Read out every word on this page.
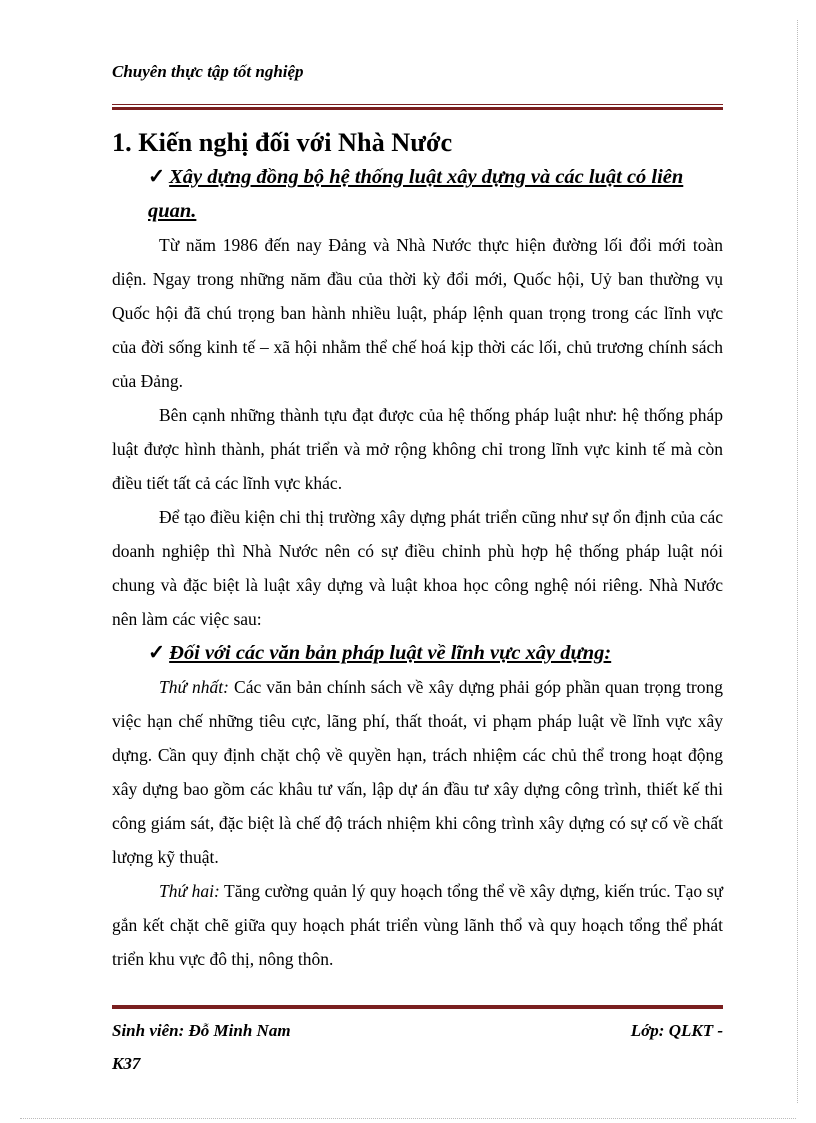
Chuyên thực tập tốt nghiệp
1. Kiến nghị đối với Nhà Nước
✓ Xây dựng đồng bộ hệ thống luật xây dựng và các luật có liên quan.

Từ năm 1986 đến nay Đảng và Nhà Nước thực hiện đường lối đổi mới toàn diện. Ngay trong những năm đầu của thời kỳ đổi mới, Quốc hội, Uỷ ban thường vụ Quốc hội đã chú trọng ban hành nhiều luật, pháp lệnh quan trọng trong các lĩnh vực của đời sống kinh tế – xã hội nhằm thể chế hoá kịp thời các lối, chủ trương chính sách của Đảng.

Bên cạnh những thành tựu đạt được của hệ thống pháp luật như: hệ thống pháp luật được hình thành, phát triển và mở rộng không chỉ trong lĩnh vực kinh tế mà còn điều tiết tất cả các lĩnh vực khác.

Để tạo điều kiện chi thị trường xây dựng phát triển cũng như sự ổn định của các doanh nghiệp thì Nhà Nước nên có sự điều chỉnh phù hợp hệ thống pháp luật nói chung và đặc biệt là luật xây dựng và luật khoa học công nghệ nói riêng. Nhà Nước nên làm các việc sau:

✓ Đối với các văn bản pháp luật về lĩnh vực xây dựng:

Thứ nhất: Các văn bản chính sách về xây dựng phải góp phần quan trọng trong việc hạn chế những tiêu cực, lãng phí, thất thoát, vi phạm pháp luật về lĩnh vực xây dựng. Cần quy định chặt chộ về quyền hạn, trách nhiệm các chủ thể trong hoạt động xây dựng bao gồm các khâu tư vấn, lập dự án đầu tư xây dựng công trình, thiết kế thi công giám sát, đặc biệt là chế độ trách nhiệm khi công trình xây dựng có sự cố về chất lượng kỹ thuật.

Thứ hai: Tăng cường quản lý quy hoạch tổng thể về xây dựng, kiến trúc. Tạo sự gắn kết chặt chẽ giữa quy hoạch phát triển vùng lãnh thổ và quy hoạch tổng thể phát triển khu vực đô thị, nông thôn.

Sinh viên: Đỗ Minh Nam	Lớp: QLKT -
K37
